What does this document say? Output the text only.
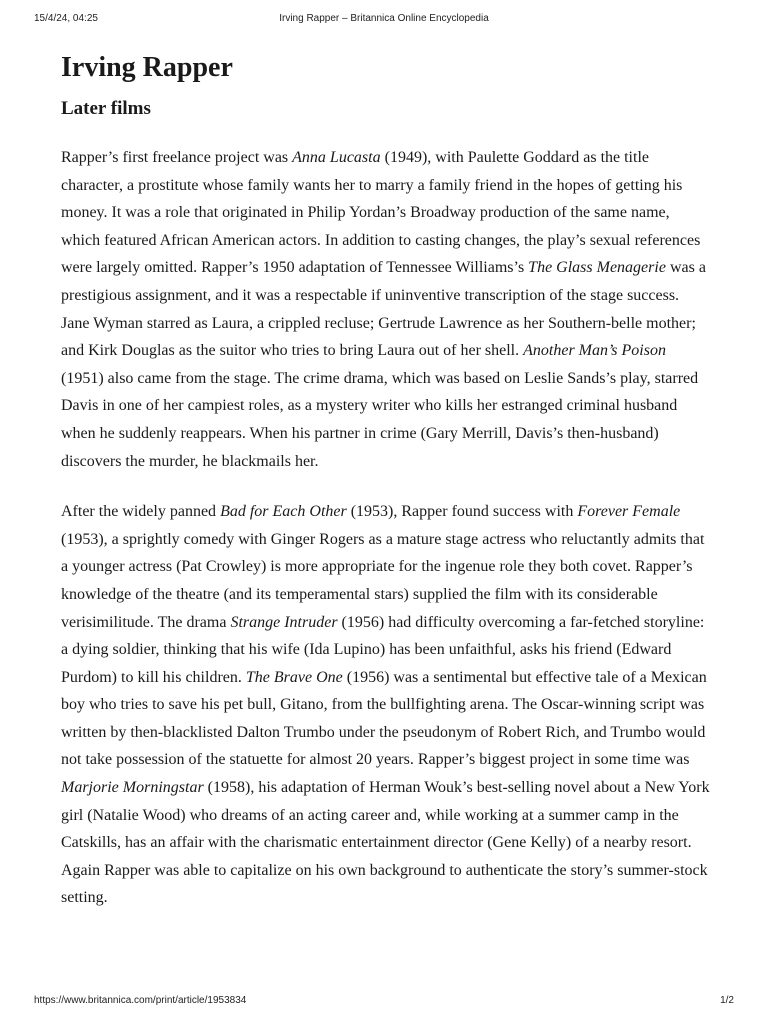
15/4/24, 04:25	Irving Rapper – Britannica Online Encyclopedia
Irving Rapper
Later films

Rapper’s first freelance project was Anna Lucasta (1949), with Paulette Goddard as the title character, a prostitute whose family wants her to marry a family friend in the hopes of getting his money. It was a role that originated in Philip Yordan’s Broadway production of the same name, which featured African American actors. In addition to casting changes, the play’s sexual references were largely omitted. Rapper’s 1950 adaptation of Tennessee Williams’s The Glass Menagerie was a prestigious assignment, and it was a respectable if uninventive transcription of the stage success. Jane Wyman starred as Laura, a crippled recluse; Gertrude Lawrence as her Southern-belle mother; and Kirk Douglas as the suitor who tries to bring Laura out of her shell. Another Man’s Poison (1951) also came from the stage. The crime drama, which was based on Leslie Sands’s play, starred Davis in one of her campiest roles, as a mystery writer who kills her estranged criminal husband when he suddenly reappears. When his partner in crime (Gary Merrill, Davis’s then-husband) discovers the murder, he blackmails her.

After the widely panned Bad for Each Other (1953), Rapper found success with Forever Female (1953), a sprightly comedy with Ginger Rogers as a mature stage actress who reluctantly admits that a younger actress (Pat Crowley) is more appropriate for the ingenue role they both covet. Rapper’s knowledge of the theatre (and its temperamental stars) supplied the film with its considerable verisimilitude. The drama Strange Intruder (1956) had difficulty overcoming a far-fetched storyline: a dying soldier, thinking that his wife (Ida Lupino) has been unfaithful, asks his friend (Edward Purdom) to kill his children. The Brave One (1956) was a sentimental but effective tale of a Mexican boy who tries to save his pet bull, Gitano, from the bullfighting arena. The Oscar-winning script was written by then-blacklisted Dalton Trumbo under the pseudonym of Robert Rich, and Trumbo would not take possession of the statuette for almost 20 years. Rapper’s biggest project in some time was Marjorie Morningstar (1958), his adaptation of Herman Wouk’s best-selling novel about a New York girl (Natalie Wood) who dreams of an acting career and, while working at a summer camp in the Catskills, has an affair with the charismatic entertainment director (Gene Kelly) of a nearby resort. Again Rapper was able to capitalize on his own background to authenticate the story’s summer-stock setting.

https://www.britannica.com/print/article/1953834	1/2
